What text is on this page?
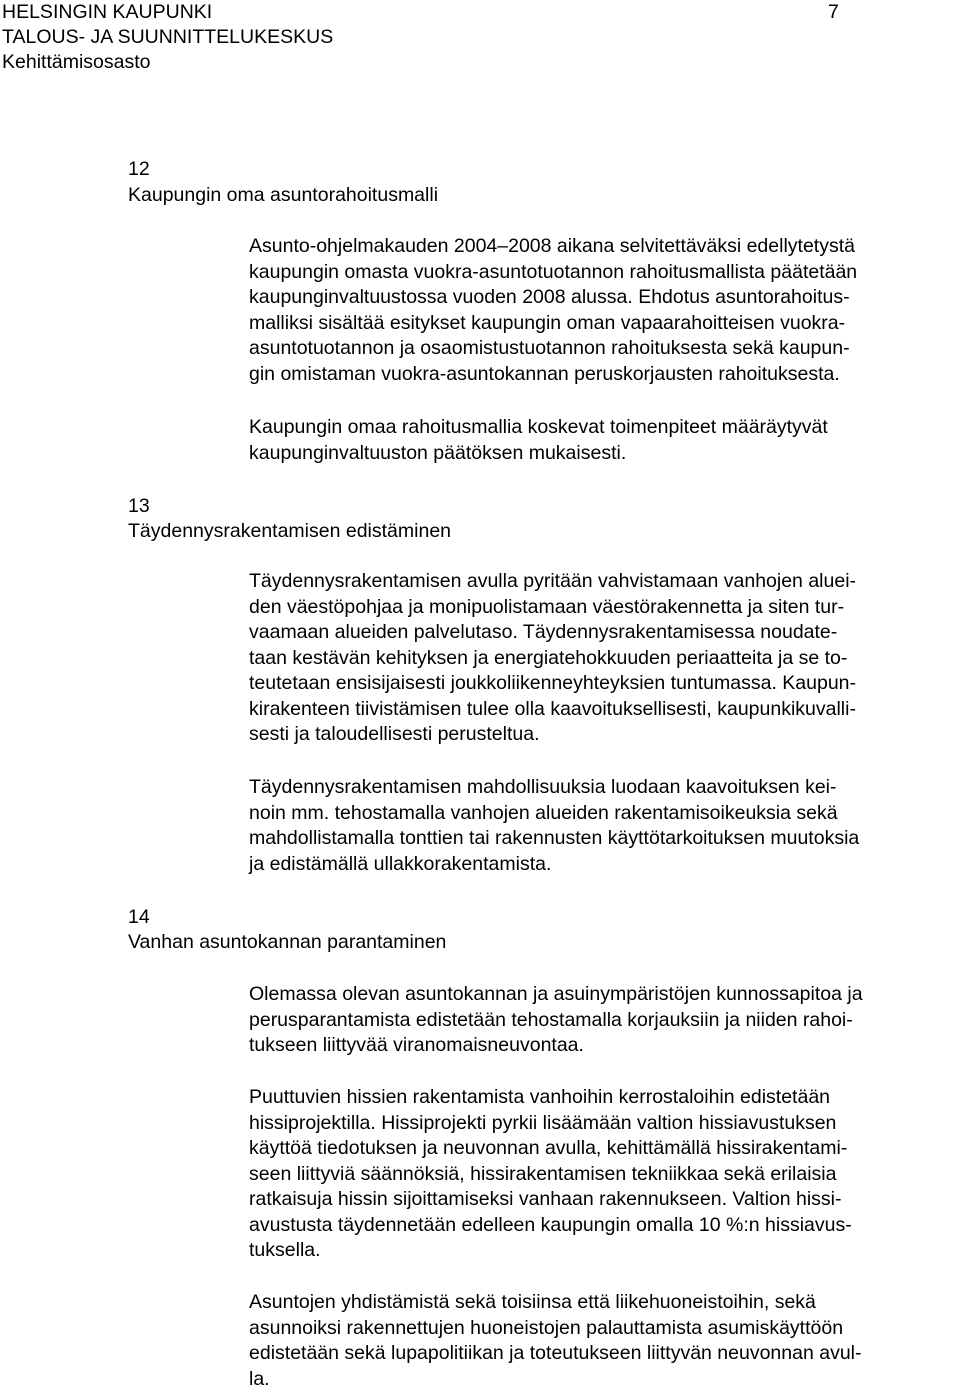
HELSINGIN KAUPUNKI
TALOUS- JA SUUNNITTELUKESKUS
Kehittämisosasto
7
12
Kaupungin oma asuntorahoitusmalli
Asunto-ohjelmakauden 2004–2008 aikana selvitettäväksi edellytetystä
kaupungin omasta vuokra-asuntotuotannon rahoitusmallista päätetään
kaupunginvaltuustossa vuoden 2008 alussa. Ehdotus asuntorahoitus-
malliksi sisältää esitykset kaupungin oman vapaarahoitteisen vuokra-
asuntotuotannon ja osaomistustuotannon rahoituksesta sekä kaupun-
gin omistaman vuokra-asuntokannan peruskorjausten rahoituksesta.
Kaupungin omaa rahoitusmallia koskevat toimenpiteet määräytyvät
kaupunginvaltuuston päätöksen mukaisesti.
13
Täydennysrakentamisen edistäminen
Täydennysrakentamisen avulla pyritään vahvistamaan vanhojen aluei-
den väestöpohjaa ja monipuolistamaan väestörakennetta ja siten tur-
vaamaan alueiden palvelutaso. Täydennysrakentamisessa noudate-
taan kestävän kehityksen ja energiatehokkuuden periaatteita ja se to-
teutetaan ensisijaisesti joukkoliikenneyhteyksien tuntumassa. Kaupun-
kirakenteen tiivistämisen tulee olla kaavoituksellisesti, kaupunkikuvalli-
sesti ja taloudellisesti perusteltua.
Täydennysrakentamisen mahdollisuuksia luodaan kaavoituksen kei-
noin mm. tehostamalla vanhojen alueiden rakentamisoikeuksia sekä
mahdollistamalla tonttien tai rakennusten käyttötarkoituksen muutoksia
ja edistämällä ullakkorakentamista.
14
Vanhan asuntokannan parantaminen
Olemassa olevan asuntokannan ja asuinympäristöjen kunnossapitoa ja
perusparantamista edistetään tehostamalla korjauksiin ja niiden rahoi-
tukseen liittyvää viranomaisneuvontaa.
Puuttuvien hissien rakentamista vanhoihin kerrostaloihin edistetään
hissiprojektilla. Hissiprojekti pyrkii lisäämään valtion hissiavustuksen
käyttöä tiedotuksen ja neuvonnan avulla, kehittämällä hissirakentami-
seen liittyviä säännöksiä, hissirakentamisen tekniikkaa sekä erilaisia
ratkaisuja hissin sijoittamiseksi vanhaan rakennukseen. Valtion hissi-
avustusta täydennetään edelleen kaupungin omalla 10 %:n hissiavus-
tuksella.
Asuntojen yhdistämistä sekä toisiinsa että liikehuoneistoihin, sekä
asunnoiksi rakennettujen huoneistojen palauttamista asumiskäyttöön
edistetään sekä lupapolitiikan ja toteutukseen liittyvän neuvonnan avul-
la.
